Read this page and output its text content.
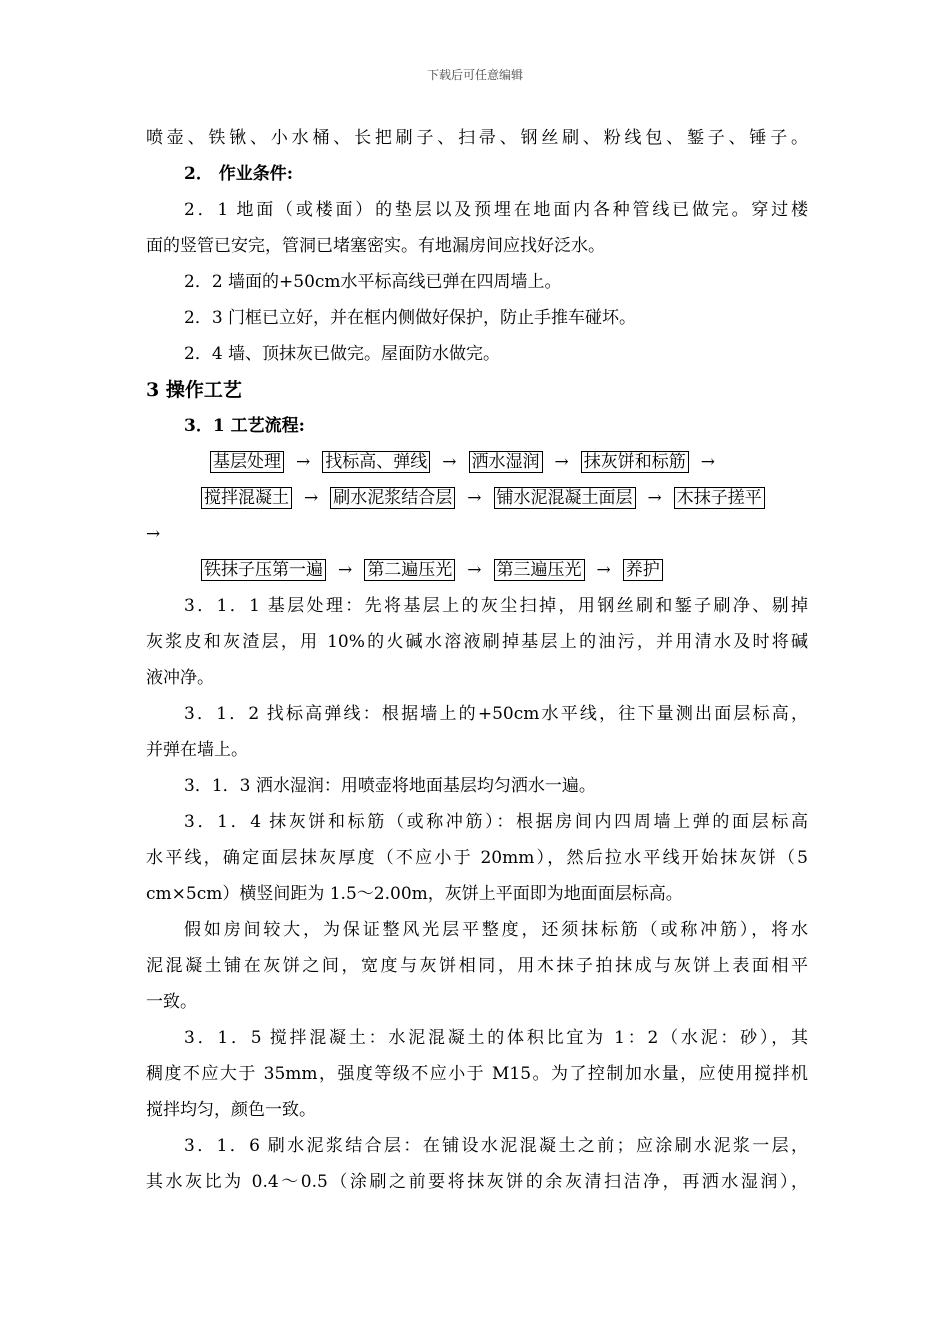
下载后可任意编辑
喷壶、铁锹、小水桶、长把刷子、扫帚、钢丝刷、粉线包、錾子、锤子。
2． 作业条件:
2．1 地面（或楼面）的垫层以及预埋在地面内各种管线已做完。穿过楼
面的竖管已安完，管洞已堵塞密实。有地漏房间应找好泛水。
2．2 墙面的+50cm水平标高线已弹在四周墙上。
2．3 门框已立好，并在框内侧做好保护，防止手推车碰坏。
2．4 墙、顶抹灰已做完。屋面防水做完。
3 操作工艺
3．1 工艺流程:
基层处理 → 找标高、弹线 → 洒水湿润 → 抹灰饼和标筋 →
搅拌混凝土 → 刷水泥浆结合层 → 铺水泥混凝土面层 → 木抹子搓平
→
铁抹子压第一遍 → 第二遍压光 → 第三遍压光 → 养护
3．1．1 基层处理：先将基层上的灰尘扫掉，用钢丝刷和錾子刷净、剔掉
灰浆皮和灰渣层，用 10%的火碱水溶液刷掉基层上的油污，并用清水及时将碱
液冲净。
3．1．2 找标高弹线：根据墙上的+50cm水平线，往下量测出面层标高，
并弹在墙上。
3．1．3 洒水湿润：用喷壶将地面基层均匀洒水一遍。
3．1．4 抹灰饼和标筋（或称冲筋）：根据房间内四周墙上弹的面层标高
水平线，确定面层抹灰厚度（不应小于 20mm），然后拉水平线开始抹灰饼（5
cm×5cm）横竖间距为 1.5～2.00m，灰饼上平面即为地面面层标高。
假如房间较大，为保证整风光层平整度，还须抹标筋（或称冲筋），将水
泥混凝土铺在灰饼之间，宽度与灰饼相同，用木抹子拍抹成与灰饼上表面相平
一致。
3．1．5 搅拌混凝土：水泥混凝土的体积比宜为 1：2（水泥：砂），其
稠度不应大于 35mm，强度等级不应小于 M15。为了控制加水量，应使用搅拌机
搅拌均匀，颜色一致。
3．1．6 刷水泥浆结合层：在铺设水泥混凝土之前；应涂刷水泥浆一层，
其水灰比为 0.4～0.5（涂刷之前要将抹灰饼的余灰清扫洁净，再洒水湿润），
